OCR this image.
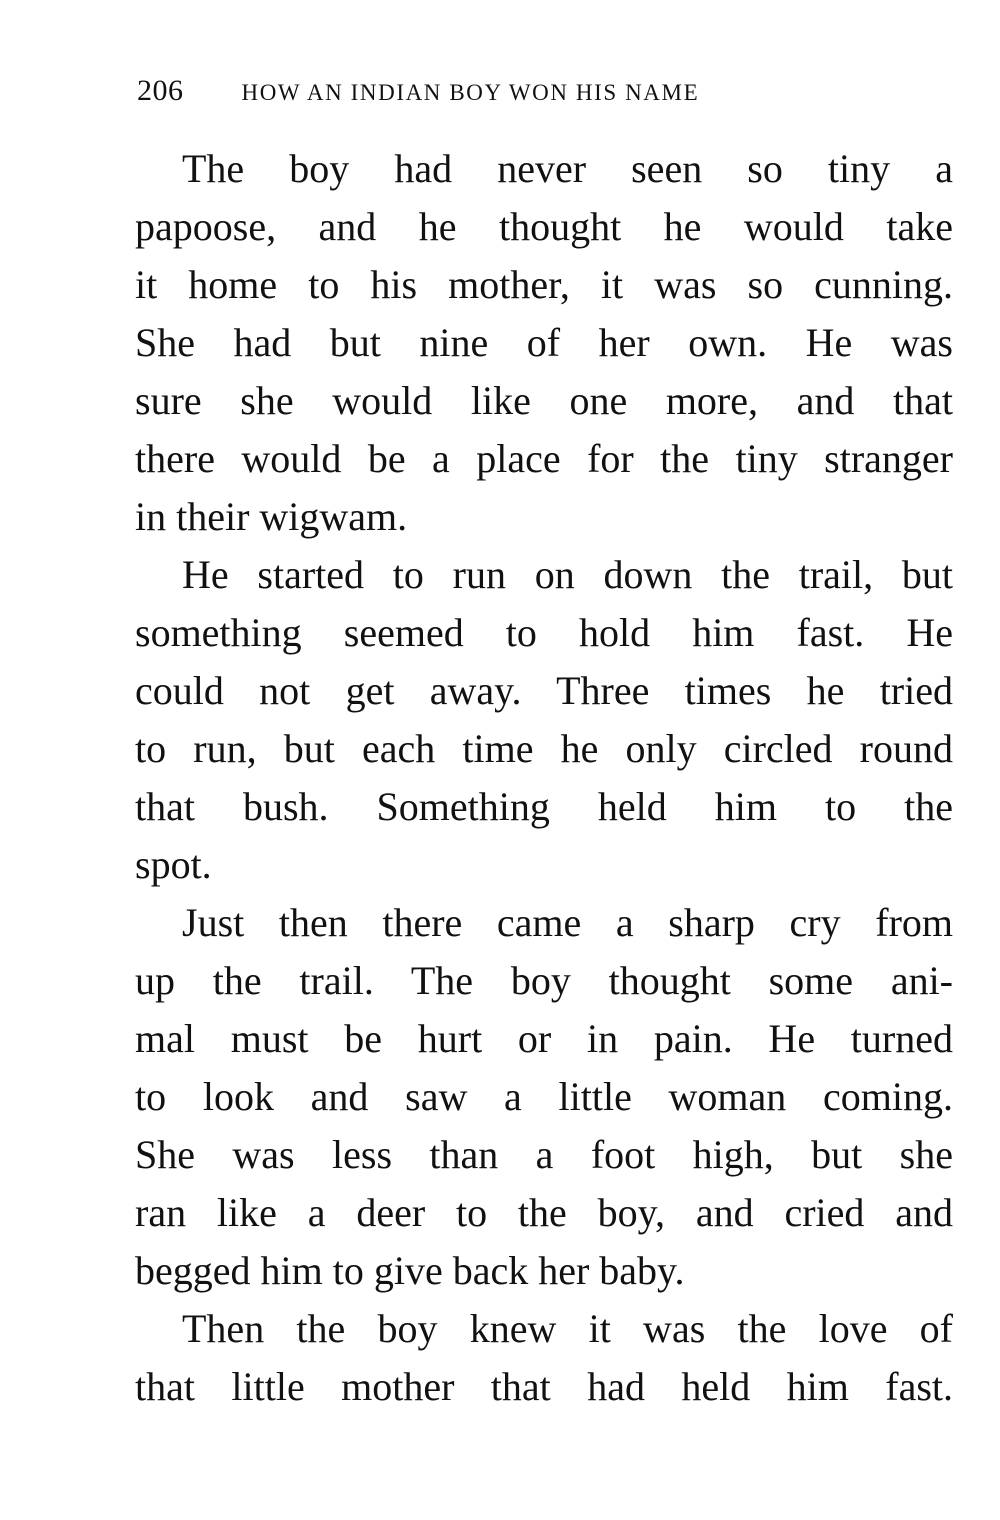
206	HOW AN INDIAN BOY WON HIS NAME
The boy had never seen so tiny a
papoose, and he thought he would take
it home to his mother, it was so cunning.
She had but nine of her own. He was
sure she would like one more, and that
there would be a place for the tiny stranger
in their wigwam.
He started to run on down the trail, but
something seemed to hold him fast. He
could not get away. Three times he tried
to run, but each time he only circled round
that bush. Something held him to the
spot.
Just then there came a sharp cry from
up the trail. The boy thought some ani-
mal must be hurt or in pain. He turned
to look and saw a little woman coming.
She was less than a foot high, but she
ran like a deer to the boy, and cried and
begged him to give back her baby.
Then the boy knew it was the love of
that little mother that had held him fast.
